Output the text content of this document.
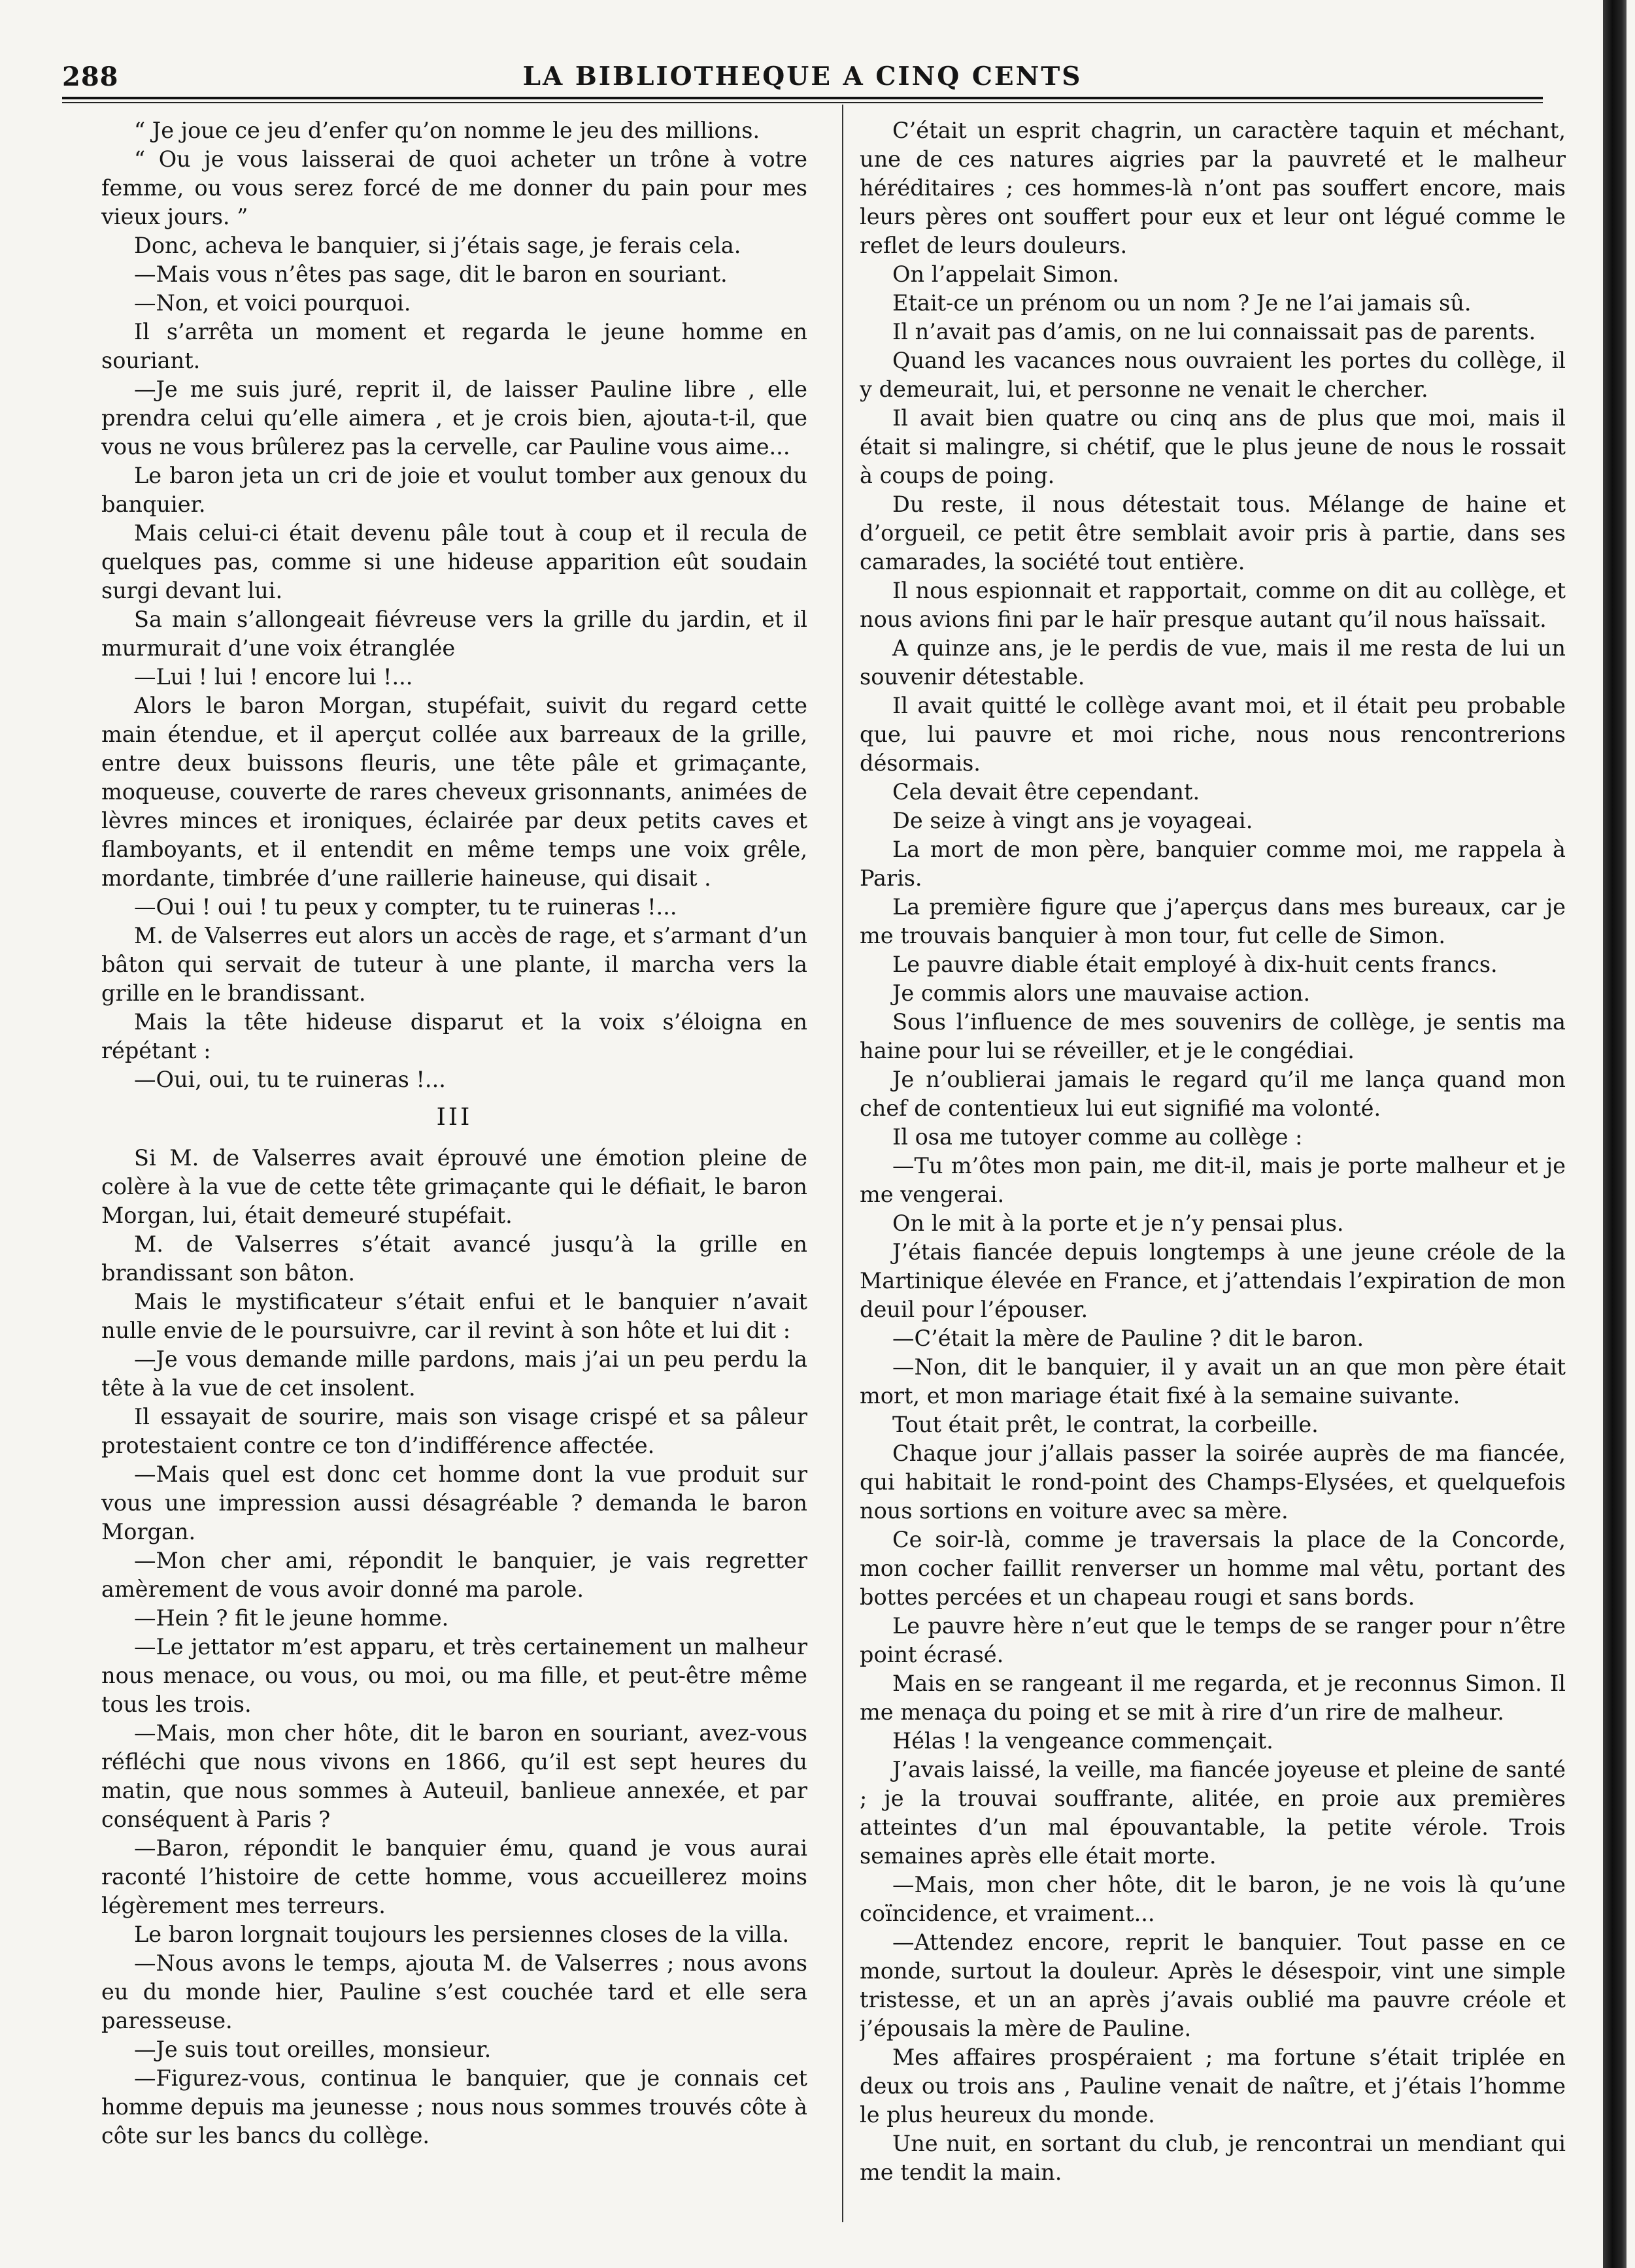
288	LA BIBLIOTHEQUE A CINQ CENTS

“ Je joue ce jeu d’enfer qu’on nomme le jeu des millions.

“ Ou je vous laisserai de quoi acheter un trône à votre femme, ou vous serez forcé de me donner du pain pour mes vieux jours. ”

Donc, acheva le banquier, si j’étais sage, je ferais cela.

—Mais vous n’êtes pas sage, dit le baron en souriant.

—Non, et voici pourquoi.

Il s’arrêta un moment et regarda le jeune homme en souriant.

—Je me suis juré, reprit il, de laisser Pauline libre , elle prendra celui qu’elle aimera , et je crois bien, ajouta-t-il, que vous ne vous brûlerez pas la cervelle, car Pauline vous aime...

Le baron jeta un cri de joie et voulut tomber aux genoux du banquier.

Mais celui-ci était devenu pâle tout à coup et il recula de quelques pas, comme si une hideuse apparition eût soudain surgi devant lui.

Sa main s’allongeait fiévreuse vers la grille du jardin, et il murmurait d’une voix étranglée

—Lui ! lui ! encore lui !...

Alors le baron Morgan, stupéfait, suivit du regard cette main étendue, et il aperçut collée aux barreaux de la grille, entre deux buissons fleuris, une tête pâle et grimaçante, moqueuse, couverte de rares cheveux grisonnants, animées de lèvres minces et ironiques, éclairée par deux petits caves et flamboyants, et il entendit en même temps une voix grêle, mordante, timbrée d’une raillerie haineuse, qui disait .

—Oui ! oui ! tu peux y compter, tu te ruineras !...

M. de Valserres eut alors un accès de rage, et s’armant d’un bâton qui servait de tuteur à une plante, il marcha vers la grille en le brandissant.

Mais la tête hideuse disparut et la voix s’éloigna en répétant :

—Oui, oui, tu te ruineras !...

III

Si M. de Valserres avait éprouvé une émotion pleine de colère à la vue de cette tête grimaçante qui le défiait, le baron Morgan, lui, était demeuré stupéfait.

M. de Valserres s’était avancé jusqu’à la grille en brandissant son bâton.

Mais le mystificateur s’était enfui et le banquier n’avait nulle envie de le poursuivre, car il revint à son hôte et lui dit :

—Je vous demande mille pardons, mais j’ai un peu perdu la tête à la vue de cet insolent.

Il essayait de sourire, mais son visage crispé et sa pâleur protestaient contre ce ton d’indifférence affectée.

—Mais quel est donc cet homme dont la vue produit sur vous une impression aussi désagréable ? demanda le baron Morgan.

—Mon cher ami, répondit le banquier, je vais regretter amèrement de vous avoir donné ma parole.

—Hein ? fit le jeune homme.

—Le jettator m’est apparu, et très certainement un malheur nous menace, ou vous, ou moi, ou ma fille, et peut-être même tous les trois.

—Mais, mon cher hôte, dit le baron en souriant, avez-vous réfléchi que nous vivons en 1866, qu’il est sept heures du matin, que nous sommes à Auteuil, banlieue annexée, et par conséquent à Paris ?

—Baron, répondit le banquier ému, quand je vous aurai raconté l’histoire de cette homme, vous accueillerez moins légèrement mes terreurs.

Le baron lorgnait toujours les persiennes closes de la villa.

—Nous avons le temps, ajouta M. de Valserres ; nous avons eu du monde hier, Pauline s’est couchée tard et elle sera paresseuse.

—Je suis tout oreilles, monsieur.

—Figurez-vous, continua le banquier, que je connais cet homme depuis ma jeunesse ; nous nous sommes trouvés côte à côte sur les bancs du collège.

C’était un esprit chagrin, un caractère taquin et méchant, une de ces natures aigries par la pauvreté et le malheur héréditaires ; ces hommes-là n’ont pas souffert encore, mais leurs pères ont souffert pour eux et leur ont légué comme le reflet de leurs douleurs.

On l’appelait Simon.

Etait-ce un prénom ou un nom ? Je ne l’ai jamais sû.

Il n’avait pas d’amis, on ne lui connaissait pas de parents.

Quand les vacances nous ouvraient les portes du collège, il y demeurait, lui, et personne ne venait le chercher.

Il avait bien quatre ou cinq ans de plus que moi, mais il était si malingre, si chétif, que le plus jeune de nous le rossait à coups de poing.

Du reste, il nous détestait tous. Mélange de haine et d’orgueil, ce petit être semblait avoir pris à partie, dans ses camarades, la société tout entière.

Il nous espionnait et rapportait, comme on dit au collège, et nous avions fini par le haïr presque autant qu’il nous haïssait.

A quinze ans, je le perdis de vue, mais il me resta de lui un souvenir détestable.

Il avait quitté le collège avant moi, et il était peu probable que, lui pauvre et moi riche, nous nous rencontrerions désormais.

Cela devait être cependant.

De seize à vingt ans je voyageai.

La mort de mon père, banquier comme moi, me rappela à Paris.

La première figure que j’aperçus dans mes bureaux, car je me trouvais banquier à mon tour, fut celle de Simon.

Le pauvre diable était employé à dix-huit cents francs.

Je commis alors une mauvaise action.

Sous l’influence de mes souvenirs de collège, je sentis ma haine pour lui se réveiller, et je le congédiai.

Je n’oublierai jamais le regard qu’il me lança quand mon chef de contentieux lui eut signifié ma volonté.

Il osa me tutoyer comme au collège :

—Tu m’ôtes mon pain, me dit-il, mais je porte malheur et je me vengerai.

On le mit à la porte et je n’y pensai plus.

J’étais fiancée depuis longtemps à une jeune créole de la Martinique élevée en France, et j’attendais l’expiration de mon deuil pour l’épouser.

—C’était la mère de Pauline ? dit le baron.

—Non, dit le banquier, il y avait un an que mon père était mort, et mon mariage était fixé à la semaine suivante.

Tout était prêt, le contrat, la corbeille.

Chaque jour j’allais passer la soirée auprès de ma fiancée, qui habitait le rond-point des Champs-Elysées, et quelquefois nous sortions en voiture avec sa mère.

Ce soir-là, comme je traversais la place de la Concorde, mon cocher faillit renverser un homme mal vêtu, portant des bottes percées et un chapeau rougi et sans bords.

Le pauvre hère n’eut que le temps de se ranger pour n’être point écrasé.

Mais en se rangeant il me regarda, et je reconnus Simon. Il me menaça du poing et se mit à rire d’un rire de malheur.

Hélas ! la vengeance commençait.

J’avais laissé, la veille, ma fiancée joyeuse et pleine de santé ; je la trouvai souffrante, alitée, en proie aux premières atteintes d’un mal épouvantable, la petite vérole. Trois semaines après elle était morte.

—Mais, mon cher hôte, dit le baron, je ne vois là qu’une coïncidence, et vraiment...

—Attendez encore, reprit le banquier. Tout passe en ce monde, surtout la douleur. Après le désespoir, vint une simple tristesse, et un an après j’avais oublié ma pauvre créole et j’épousais la mère de Pauline.

Mes affaires prospéraient ; ma fortune s’était triplée en deux ou trois ans , Pauline venait de naître, et j’étais l’homme le plus heureux du monde.

Une nuit, en sortant du club, je rencontrai un mendiant qui me tendit la main.
